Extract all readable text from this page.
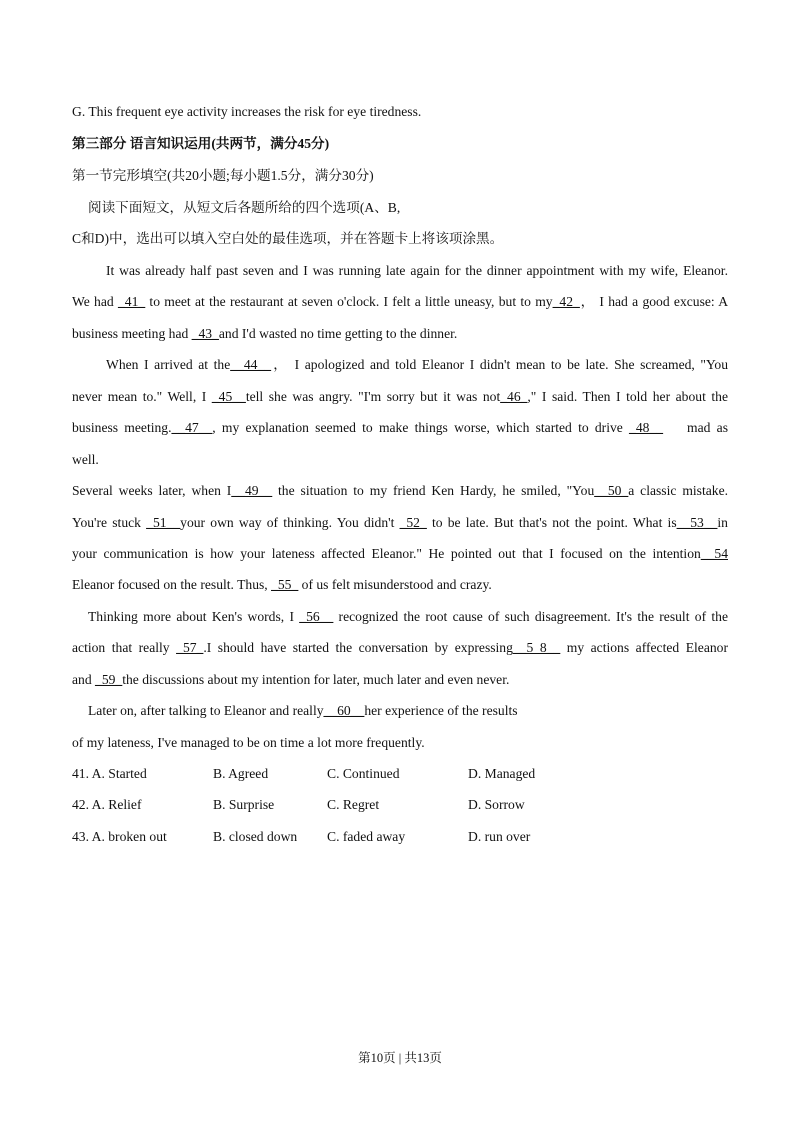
G. This frequent eye activity increases the risk for eye tiredness.
第三部分 语言知识运用(共两节，满分45分)
第一节完形填空(共20小题;每小题1.5分，满分30分)
阅读下面短文，从短文后各题所给的四个选项(A、B,
C和D)中，选出可以填入空白处的最佳选项，并在答题卡上将该项涂黑。
It was already half past seven and I was running late again for the dinner appointment with my wife, Eleanor.
We had _41_ to meet at the restaurant at seven o'clock. I felt a little uneasy, but to my_42_， I had a good excuse: A
business meeting had _43_and I'd wasted no time getting to the dinner.
When I arrived at the__44__， I apologized and told Eleanor I didn't mean to be late. She screamed, "You
never mean to." Well, I _45__tell she was angry. "I'm sorry but it was not_46_," I said. Then I told her about the
business meeting.__47__, my explanation seemed to make things worse, which started to drive _48__ mad as
well.
Several weeks later, when I__49__ the situation to my friend Ken Hardy, he smiled, "You__50_a classic mistake.
You're stuck _51__your own way of thinking. You didn't _52_ to be late. But that's not the point. What is__53__in
your communication is how your lateness affected Eleanor." He pointed out that I focused on the intention__54
Eleanor focused on the result. Thus, _55_ of us felt misunderstood and crazy.
Thinking more about Ken's words, I _56__ recognized the root cause of such disagreement. It's the result of the
action that really _57_.I should have started the conversation by expressing__5 8__ my actions affected Eleanor
and _59_the discussions about my intention for later, much later and even never.
Later on, after talking to Eleanor and really__60__her experience of the results
of my lateness, I've managed to be on time a lot more frequently.
41. A. Started	B. Agreed	C. Continued	D. Managed
42. A. Relief	B. Surprise	C. Regret	D. Sorrow
43. A. broken out	B. closed down C. faded away	D. run over
第10页 | 共13页
